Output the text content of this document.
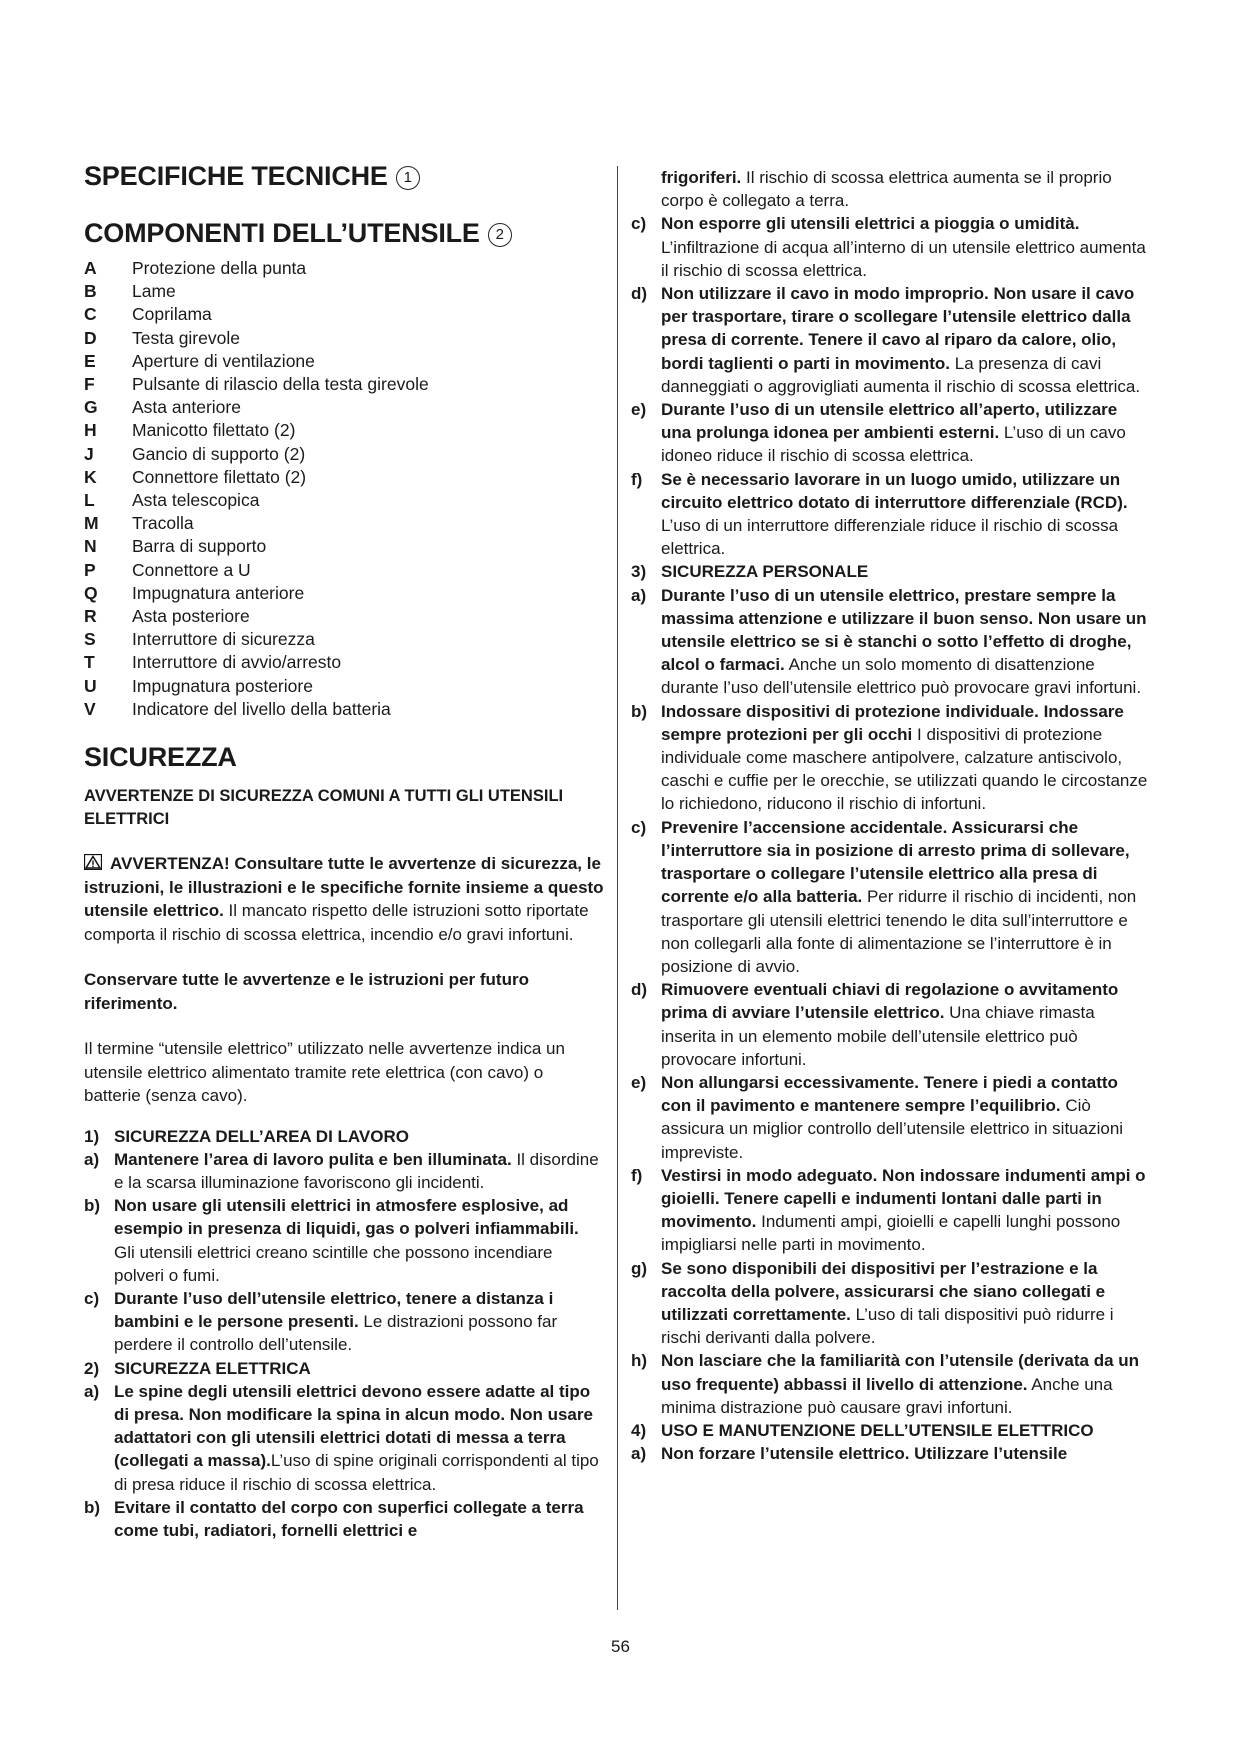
SPECIFICHE TECNICHE 1
COMPONENTI DELL’UTENSILE 2
A	Protezione della punta
B	Lame
C	Coprilama
D	Testa girevole
E	Aperture di ventilazione
F	Pulsante di rilascio della testa girevole
G	Asta anteriore
H	Manicotto filettato (2)
J	Gancio di supporto (2)
K	Connettore filettato (2)
L	Asta telescopica
M	Tracolla
N	Barra di supporto
P	Connettore a U
Q	Impugnatura anteriore
R	Asta posteriore
S	Interruttore di sicurezza
T	Interruttore di avvio/arresto
U	Impugnatura posteriore
V	Indicatore del livello della batteria
SICUREZZA

AVVERTENZE DI SICUREZZA COMUNI A TUTTI GLI UTENSILI ELETTRICI

AVVERTENZA! Consultare tutte le avvertenze di sicurezza, le istruzioni, le illustrazioni e le specifiche fornite insieme a questo utensile elettrico. Il mancato rispetto delle istruzioni sotto riportate comporta il rischio di scossa elettrica, incendio e/o gravi infortuni.

Conservare tutte le avvertenze e le istruzioni per futuro riferimento.

Il termine “utensile elettrico” utilizzato nelle avvertenze indica un utensile elettrico alimentato tramite rete elettrica (con cavo) o batterie (senza cavo).

1) SICUREZZA DELL’AREA DI LAVORO
a) Mantenere l’area di lavoro pulita e ben illuminata. Il disordine e la scarsa illuminazione favoriscono gli incidenti.
b) Non usare gli utensili elettrici in atmosfere esplosive, ad esempio in presenza di liquidi, gas o polveri infiammabili. Gli utensili elettrici creano scintille che possono incendiare polveri o fumi.
c) Durante l’uso dell’utensile elettrico, tenere a distanza i bambini e le persone presenti. Le distrazioni possono far perdere il controllo dell’utensile.
2) SICUREZZA ELETTRICA
a) Le spine degli utensili elettrici devono essere adatte al tipo di presa. Non modificare la spina in alcun modo. Non usare adattatori con gli utensili elettrici dotati di messa a terra (collegati a massa).L’uso di spine originali corrispondenti al tipo di presa riduce il rischio di scossa elettrica.
b) Evitare il contatto del corpo con superfici collegate a terra come tubi, radiatori, fornelli elettrici e
frigoriferi. Il rischio di scossa elettrica aumenta se il proprio corpo è collegato a terra.
c) Non esporre gli utensili elettrici a pioggia o umidità. L’infiltrazione di acqua all’interno di un utensile elettrico aumenta il rischio di scossa elettrica.
d) Non utilizzare il cavo in modo improprio. Non usare il cavo per trasportare, tirare o scollegare l’utensile elettrico dalla presa di corrente. Tenere il cavo al riparo da calore, olio, bordi taglienti o parti in movimento. La presenza di cavi danneggiati o aggrovigliati aumenta il rischio di scossa elettrica.
e) Durante l’uso di un utensile elettrico all’aperto, utilizzare una prolunga idonea per ambienti esterni. L’uso di un cavo idoneo riduce il rischio di scossa elettrica.
f)	Se è necessario lavorare in un luogo umido, utilizzare un circuito elettrico dotato di interruttore differenziale (RCD). L’uso di un interruttore differenziale riduce il rischio di scossa elettrica.
3) SICUREZZA PERSONALE
a) Durante l’uso di un utensile elettrico, prestare sempre la massima attenzione e utilizzare il buon senso. Non usare un utensile elettrico se si è stanchi o sotto l’effetto di droghe, alcol o farmaci. Anche un solo momento di disattenzione durante l’uso dell’utensile elettrico può provocare gravi infortuni.
b) Indossare dispositivi di protezione individuale. Indossare sempre protezioni per gli occhi I dispositivi di protezione individuale come maschere antipolvere, calzature antiscivolo, caschi e cuffie per le orecchie, se utilizzati quando le circostanze lo richiedono, riducono il rischio di infortuni.
c) Prevenire l’accensione accidentale. Assicurarsi che l’interruttore sia in posizione di arresto prima di sollevare, trasportare o collegare l’utensile elettrico alla presa di corrente e/o alla batteria. Per ridurre il rischio di incidenti, non trasportare gli utensili elettrici tenendo le dita sull’interruttore e non collegarli alla fonte di alimentazione se l’interruttore è in posizione di avvio.
d) Rimuovere eventuali chiavi di regolazione o avvitamento prima di avviare l’utensile elettrico. Una chiave rimasta inserita in un elemento mobile dell’utensile elettrico può provocare infortuni.
e) Non allungarsi eccessivamente. Tenere i piedi a contatto con il pavimento e mantenere sempre l’equilibrio. Ciò assicura un miglior controllo dell’utensile elettrico in situazioni impreviste.
f)	Vestirsi in modo adeguato. Non indossare indumenti ampi o gioielli. Tenere capelli e indumenti lontani dalle parti in movimento. Indumenti ampi, gioielli e capelli lunghi possono impigliarsi nelle parti in movimento.
g) Se sono disponibili dei dispositivi per l’estrazione e la raccolta della polvere, assicurarsi che siano collegati e utilizzati correttamente. L’uso di tali dispositivi può ridurre i rischi derivanti dalla polvere.
h) Non lasciare che la familiarità con l’utensile (derivata da un uso frequente) abbassi il livello di attenzione. Anche una minima distrazione può causare gravi infortuni.
4) USO E MANUTENZIONE DELL’UTENSILE ELETTRICO
a) Non forzare l’utensile elettrico. Utilizzare l’utensile
56
